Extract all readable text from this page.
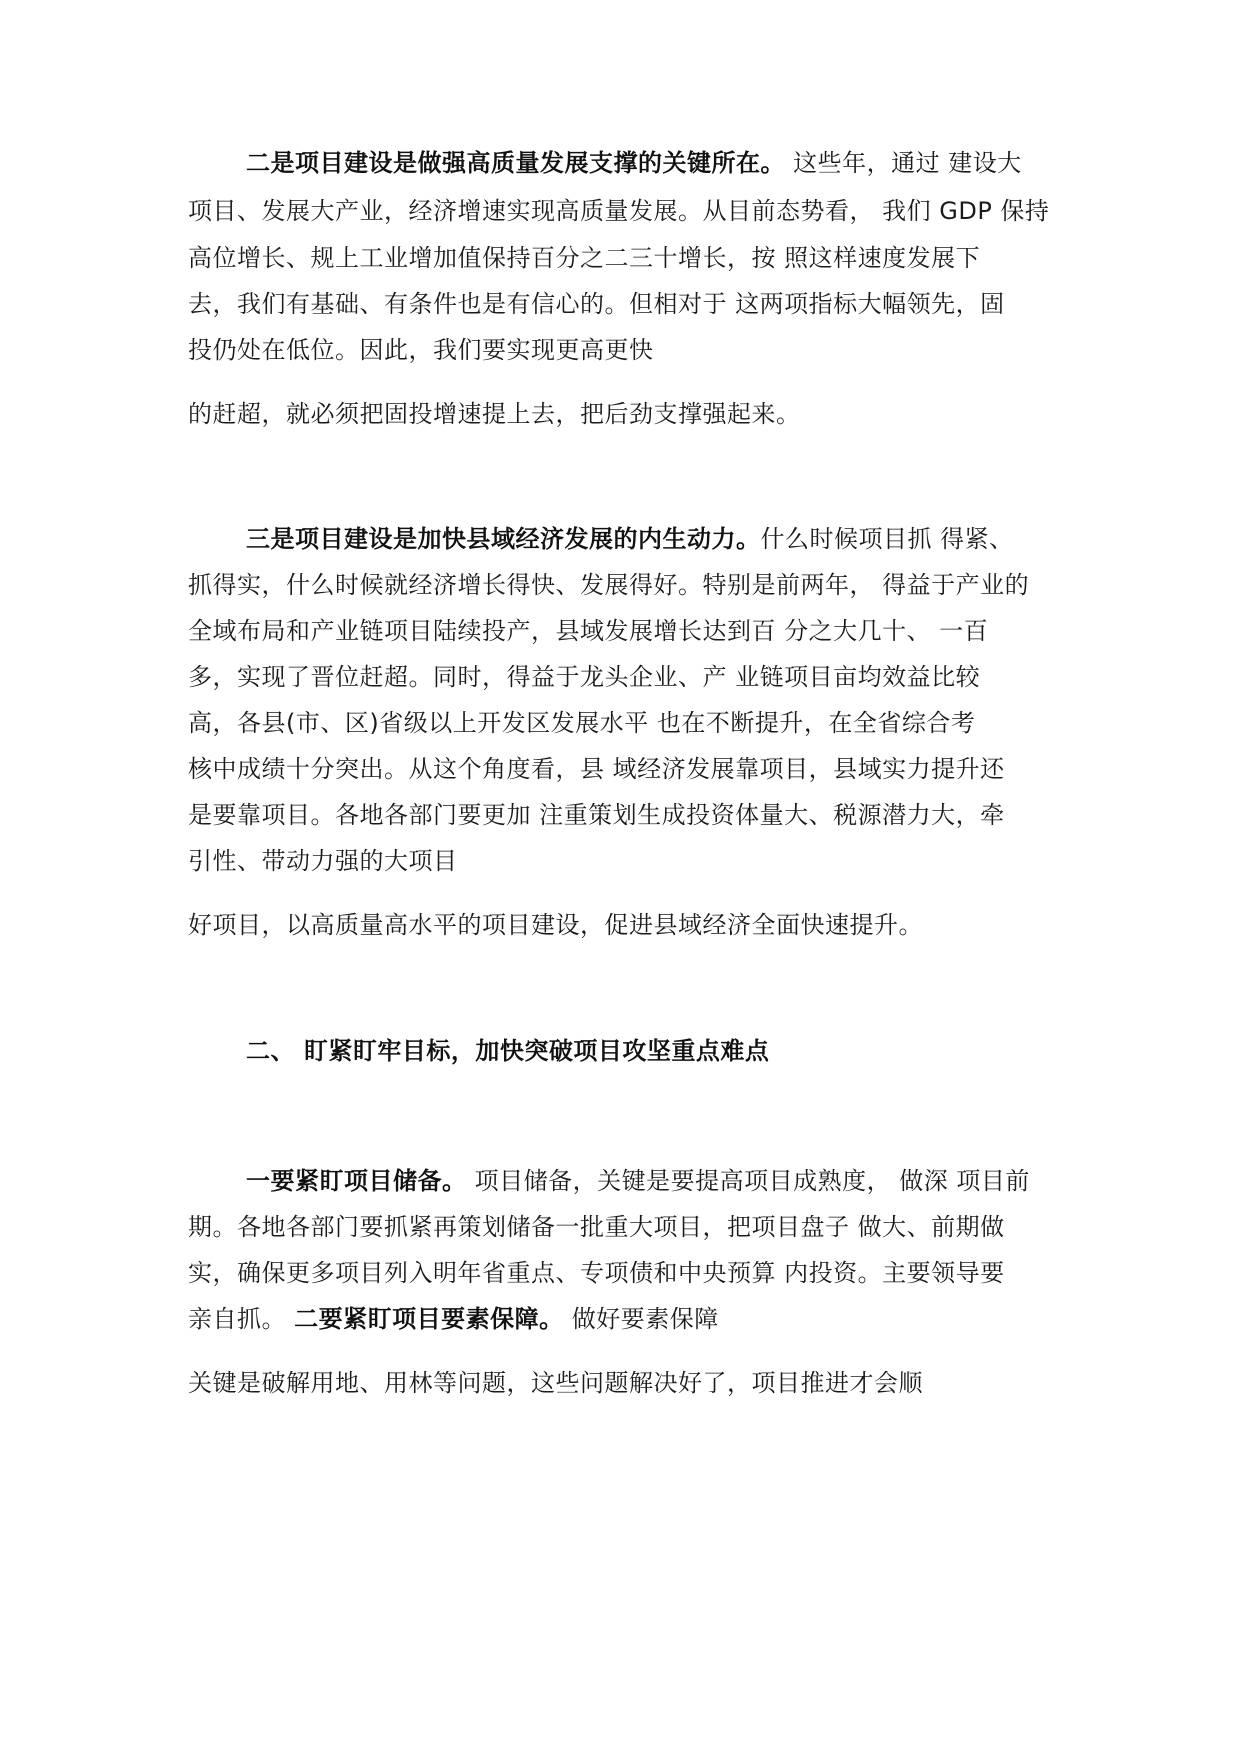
二是项目建设是做强高质量发展支撑的关键所在。 这些年，通过 建设大
项目、发展大产业，经济增速实现高质量发展。从目前态势看， 我们 GDP 保持
高位增长、规上工业增加值保持百分之二三十增长，按 照这样速度发展下
去，我们有基础、有条件也是有信心的。但相对于 这两项指标大幅领先，固
投仍处在低位。因此，我们要实现更高更快
的赶超，就必须把固投增速提上去，把后劲支撑强起来。
三是项目建设是加快县域经济发展的内生动力。什么时候项目抓 得紧、
抓得实，什么时候就经济增长得快、发展得好。特别是前两年， 得益于产业的
全域布局和产业链项目陆续投产，县域发展增长达到百 分之大几十、 一百
多，实现了晋位赶超。同时，得益于龙头企业、产 业链项目亩均效益比较
高，各县(市、区)省级以上开发区发展水平 也在不断提升，在全省综合考
核中成绩十分突出。从这个角度看，县 域经济发展靠项目，县域实力提升还
是要靠项目。各地各部门要更加 注重策划生成投资体量大、税源潜力大，牵
引性、带动力强的大项目
好项目，以高质量高水平的项目建设，促进县域经济全面快速提升。
二、 盯紧盯牢目标，加快突破项目攻坚重点难点
一要紧盯项目储备。 项目储备，关键是要提高项目成熟度， 做深 项目前
期。各地各部门要抓紧再策划储备一批重大项目，把项目盘子 做大、前期做
实，确保更多项目列入明年省重点、专项债和中央预算 内投资。主要领导要
亲自抓。 二要紧盯项目要素保障。 做好要素保障
关键是破解用地、用林等问题，这些问题解决好了，项目推进才会顺
